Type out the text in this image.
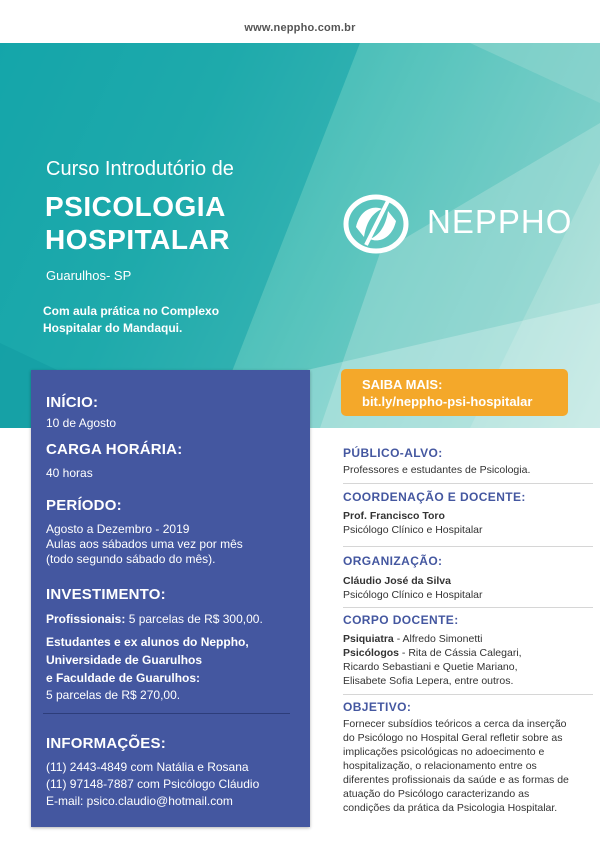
www.neppho.com.br
Curso Introdutório de
PSICOLOGIA
HOSPITALAR
Guarulhos- SP
Com aula prática no Complexo
Hospitalar do Mandaqui.
NEPPHO
SAIBA MAIS:
bit.ly/neppho-psi-hospitalar
INÍCIO:
10 de Agosto
CARGA HORÁRIA:
40 horas
PERÍODO:
Agosto a Dezembro - 2019
Aulas aos sábados uma vez por mês
(todo segundo sábado do mês).
INVESTIMENTO:
Profissionais: 5 parcelas de R$ 300,00.
Estudantes e ex alunos do Neppho,
Universidade de Guarulhos
e Faculdade de Guarulhos:
5 parcelas de R$ 270,00.
INFORMAÇÕES:
(11) 2443-4849 com Natália e Rosana
(11) 97148-7887 com Psicólogo Cláudio
E-mail: psico.claudio@hotmail.com
PÚBLICO-ALVO:
Professores e estudantes de Psicologia.
COORDENAÇÃO E DOCENTE:
Prof. Francisco Toro
Psicólogo Clínico e Hospitalar
ORGANIZAÇÃO:
Cláudio José da Silva
Psicólogo Clínico e Hospitalar
CORPO DOCENTE:
Psiquiatra - Alfredo Simonetti
Psicólogos - Rita de Cássia Calegari,
Ricardo Sebastiani e Quetie Mariano,
Elisabete Sofia Lepera, entre outros.
OBJETIVO:
Fornecer subsídios teóricos a cerca da inserção
do Psicólogo no Hospital Geral refletir sobre as
implicações psicológicas no adoecimento e
hospitalização, o relacionamento entre os
diferentes profissionais da saúde e as formas de
atuação do Psicólogo caracterizando as
condições da prática da Psicologia Hospitalar.
